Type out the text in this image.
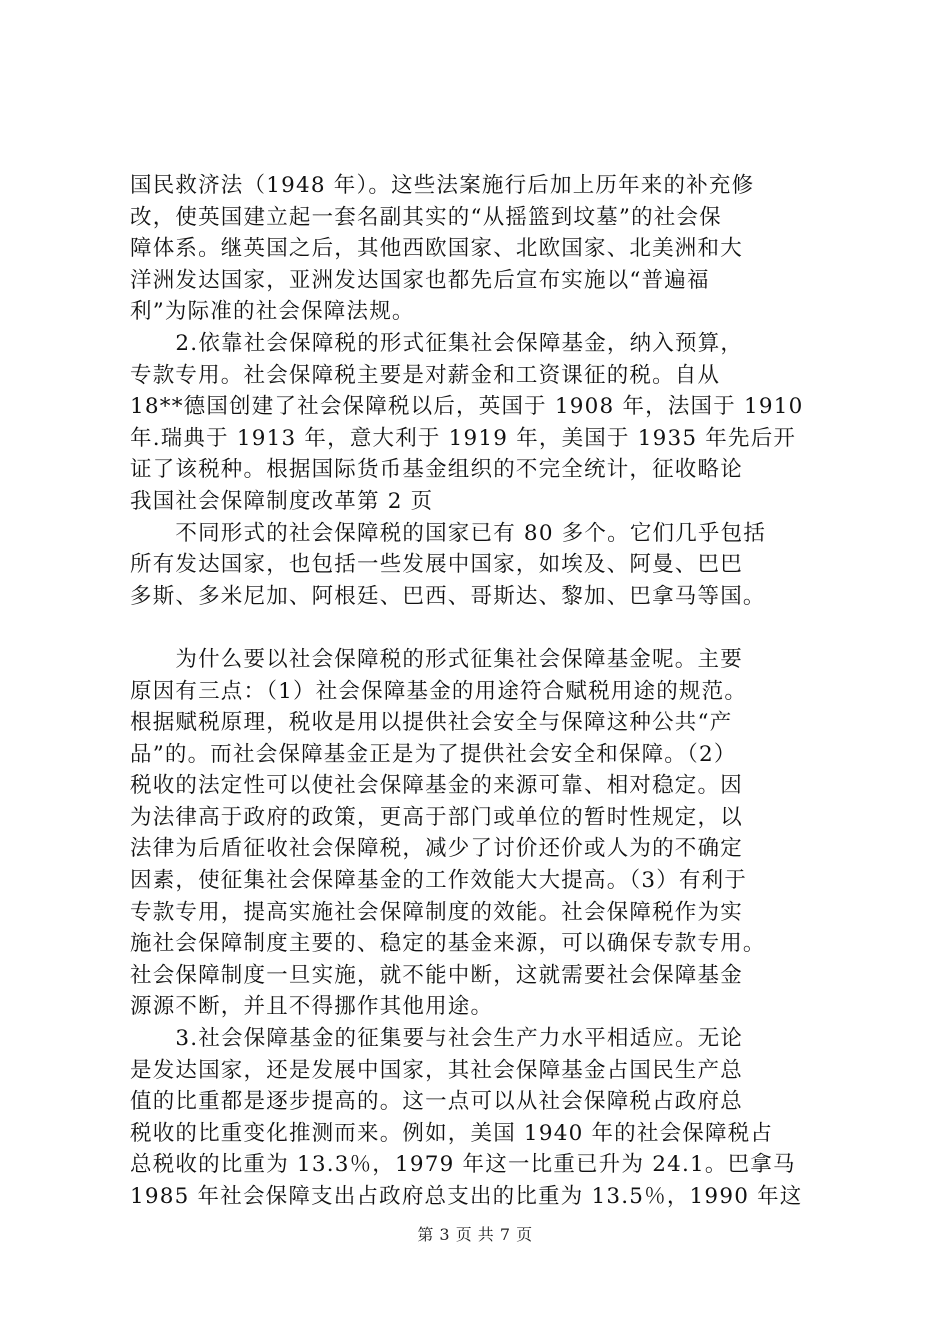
国民救济法（1948 年）。这些法案施行后加上历年来的补充修
改，使英国建立起一套名副其实的“从摇篮到坟墓”的社会保
障体系。继英国之后，其他西欧国家、北欧国家、北美洲和大
洋洲发达国家，亚洲发达国家也都先后宣布实施以“普遍福
利”为际准的社会保障法规。
　　2.依靠社会保障税的形式征集社会保障基金，纳入预算，
专款专用。社会保障税主要是对薪金和工资课征的税。自从
18**德国创建了社会保障税以后，英国于 1908 年，法国于 1910
年.瑞典于 1913 年，意大利于 1919 年，美国于 1935 年先后开
证了该税种。根据国际货币基金组织的不完全统计，征收略论
我国社会保障制度改革第 2 页
　　不同形式的社会保障税的国家已有 80 多个。它们几乎包括
所有发达国家，也包括一些发展中国家，如埃及、阿曼、巴巴
多斯、多米尼加、阿根廷、巴西、哥斯达、黎加、巴拿马等国。
　　为什么要以社会保障税的形式征集社会保障基金呢。主要
原因有三点：（1）社会保障基金的用途符合赋税用途的规范。
根据赋税原理，税收是用以提供社会安全与保障这种公共“产
品”的。而社会保障基金正是为了提供社会安全和保障。（2）
税收的法定性可以使社会保障基金的来源可靠、相对稳定。因
为法律高于政府的政策，更高于部门或单位的暂时性规定，以
法律为后盾征收社会保障税，减少了讨价还价或人为的不确定
因素，使征集社会保障基金的工作效能大大提高。（3）有利于
专款专用，提高实施社会保障制度的效能。社会保障税作为实
施社会保障制度主要的、稳定的基金来源，可以确保专款专用。
社会保障制度一旦实施，就不能中断，这就需要社会保障基金
源源不断，并且不得挪作其他用途。
　　3.社会保障基金的征集要与社会生产力水平相适应。无论
是发达国家，还是发展中国家，其社会保障基金占国民生产总
值的比重都是逐步提高的。这一点可以从社会保障税占政府总
税收的比重变化推测而来。例如，美国 1940 年的社会保障税占
总税收的比重为 13.3％，1979 年这一比重已升为 24.1。巴拿马
1985 年社会保障支出占政府总支出的比重为 13.5％，1990 年这
第 3 页 共 7 页
